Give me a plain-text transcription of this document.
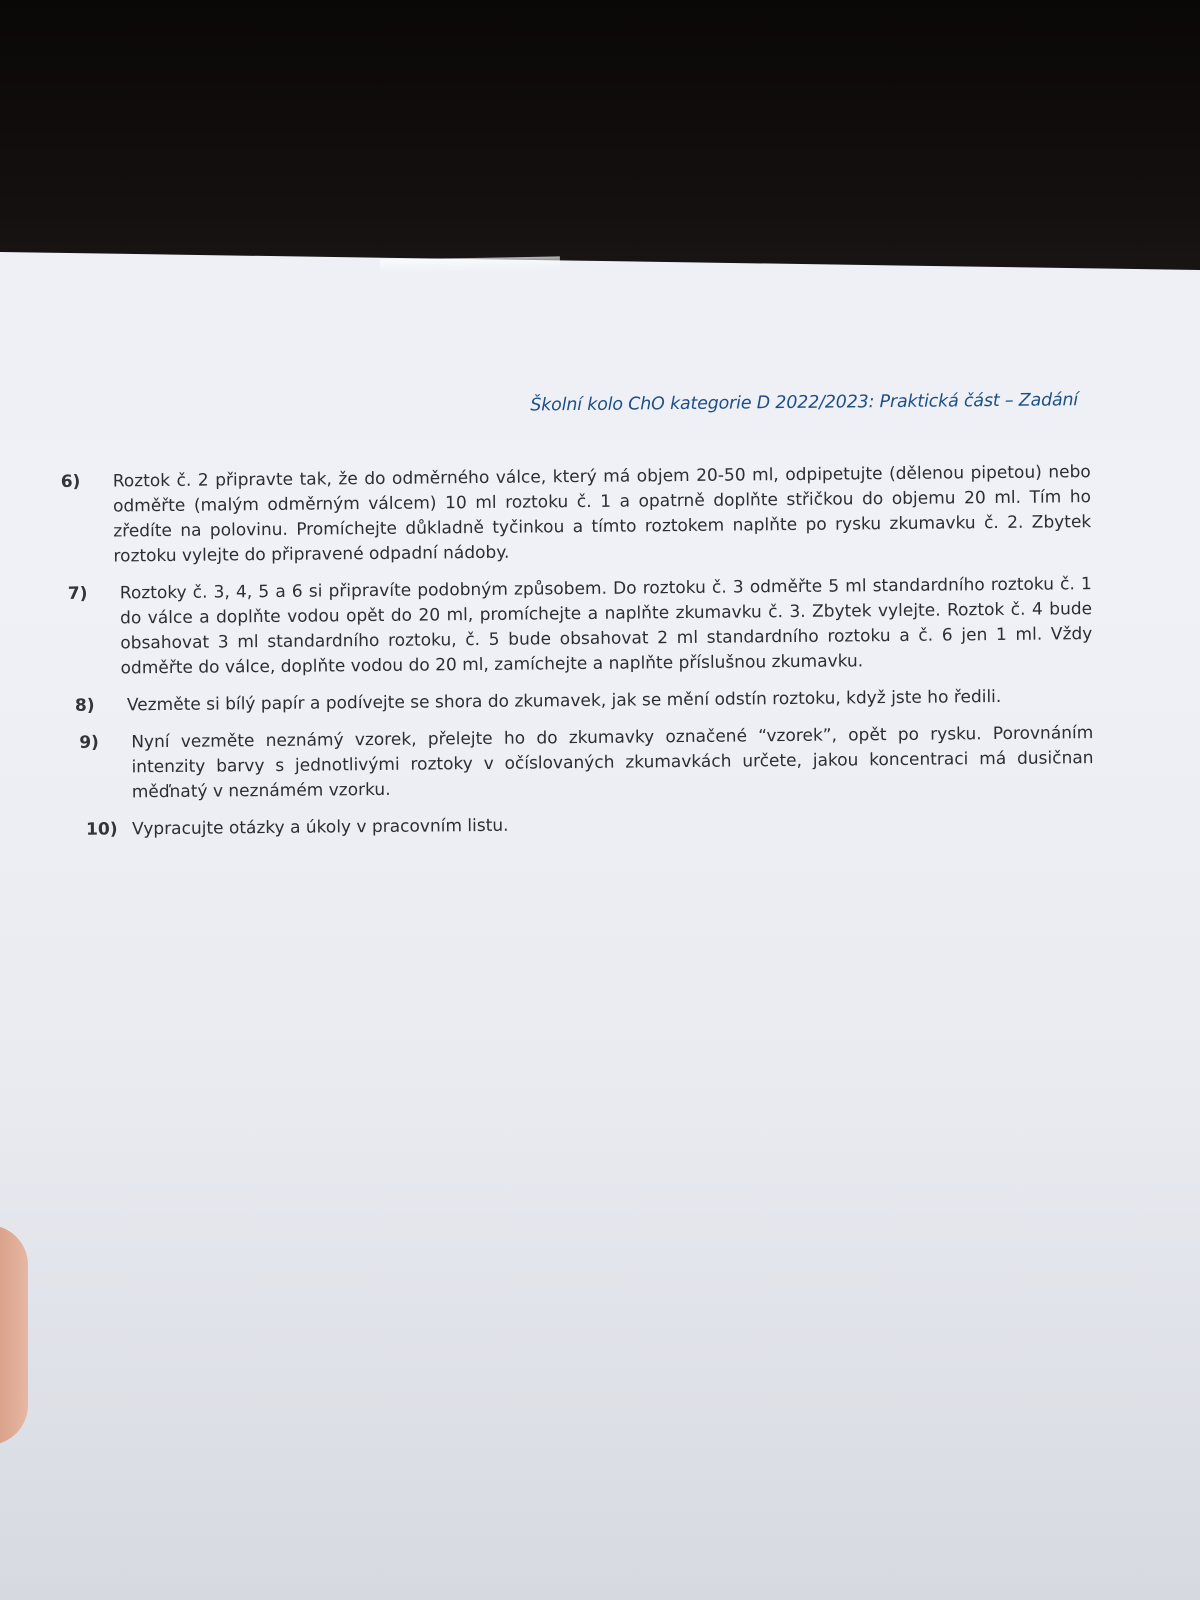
Školní kolo ChO kategorie D 2022/2023: Praktická část – Zadání
6)	Roztok č. 2 připravte tak, že do odměrného válce, který má objem 20-50 ml, odpipetujte (dělenou pipetou) nebo odměřte (malým odměrným válcem) 10 ml roztoku č. 1 a opatrně doplňte střičkou do objemu 20 ml. Tím ho zředíte na polovinu. Promíchejte důkladně tyčinkou a tímto roztokem naplňte po rysku zkumavku č. 2. Zbytek roztoku vylejte do připravené odpadní nádoby.
7)	Roztoky č. 3, 4, 5 a 6 si připravíte podobným způsobem. Do roztoku č. 3 odměřte 5 ml standardního roztoku č. 1 do válce a doplňte vodou opět do 20 ml, promíchejte a naplňte zkumavku č. 3. Zbytek vylejte. Roztok č. 4 bude obsahovat 3 ml standardního roztoku, č. 5 bude obsahovat 2 ml standardního roztoku a č. 6 jen 1 ml. Vždy odměřte do válce, doplňte vodou do 20 ml, zamíchejte a naplňte příslušnou zkumavku.
8)	Vezměte si bílý papír a podívejte se shora do zkumavek, jak se mění odstín roztoku, když jste ho ředili.
9)	Nyní vezměte neznámý vzorek, přelejte ho do zkumavky označené “vzorek”, opět po rysku. Porovnáním intenzity barvy s jednotlivými roztoky v očíslovaných zkumavkách určete, jakou koncentraci má dusičnan měďnatý v neznámém vzorku.
10) Vypracujte otázky a úkoly v pracovním listu.
